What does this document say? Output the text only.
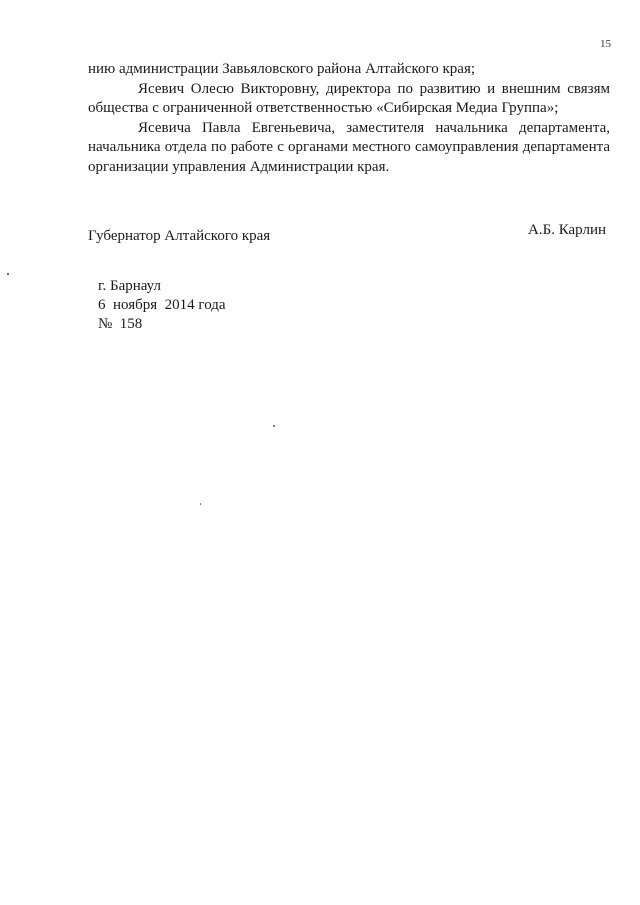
15

нию администрации Завьяловского района Алтайского края;

Ясевич Олесю Викторовну, директора по развитию и внешним связям общества с ограниченной ответственностью «Сибирская Медиа Группа»;

Ясевича Павла Евгеньевича, заместителя начальника департамента, начальника отдела по работе с органами местного самоуправления департамента организации управления Администрации края.

Губернатор Алтайского края	А.Б. Карлин
г. Барнаул
6  ноября  2014 года
№  158
